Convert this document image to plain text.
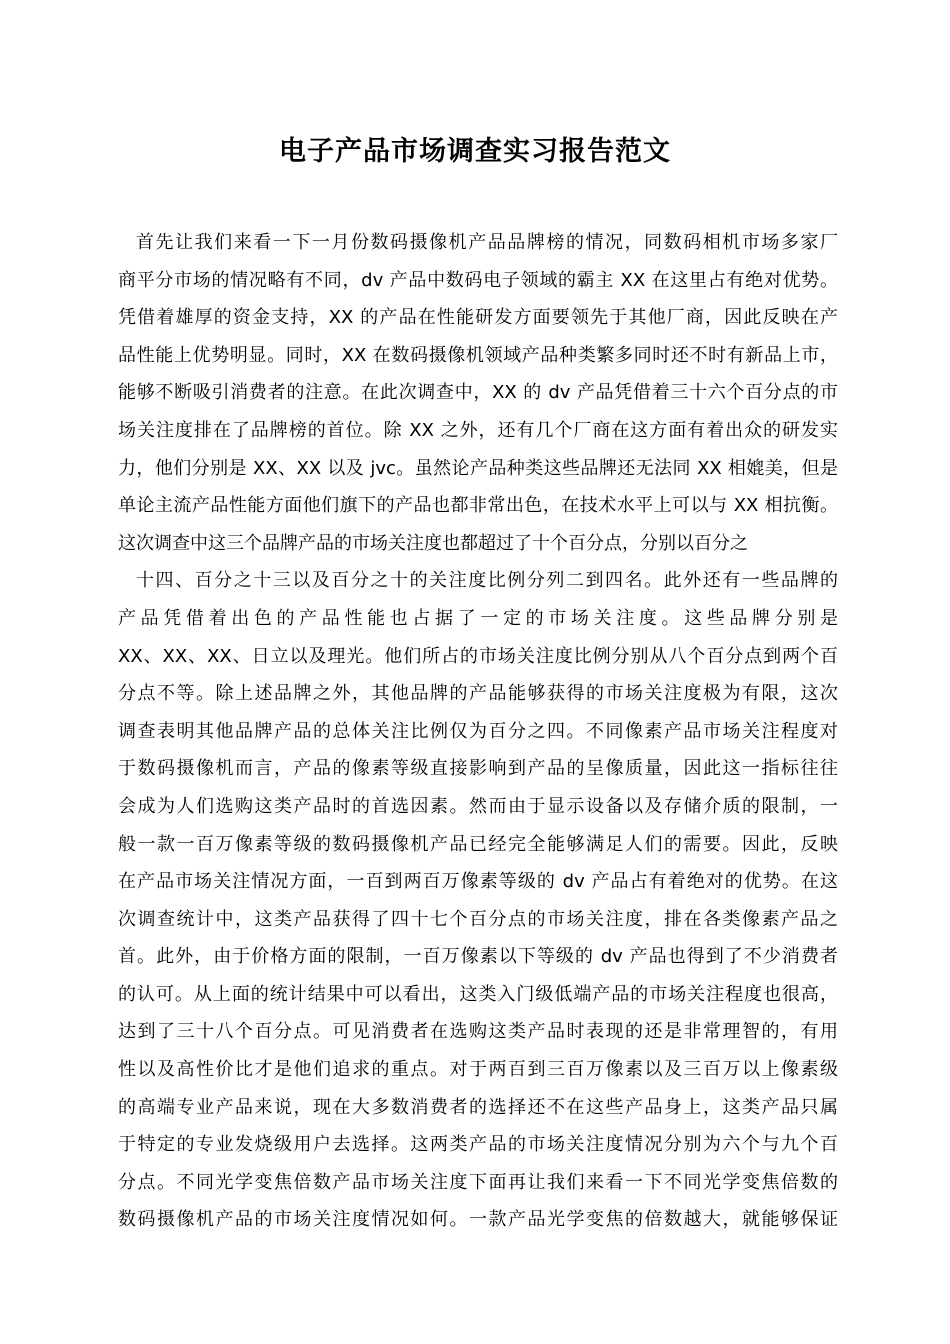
电子产品市场调查实习报告范文
首先让我们来看一下一月份数码摄像机产品品牌榜的情况，同数码相机市场多家厂
商平分市场的情况略有不同，dv 产品中数码电子领域的霸主 XX 在这里占有绝对优势。
凭借着雄厚的资金支持，XX 的产品在性能研发方面要领先于其他厂商，因此反映在产
品性能上优势明显。同时，XX 在数码摄像机领域产品种类繁多同时还不时有新品上市，
能够不断吸引消费者的注意。在此次调查中，XX 的 dv 产品凭借着三十六个百分点的市
场关注度排在了品牌榜的首位。除 XX 之外，还有几个厂商在这方面有着出众的研发实
力，他们分别是 XX、XX 以及 jvc。虽然论产品种类这些品牌还无法同 XX 相媲美，但是
单论主流产品性能方面他们旗下的产品也都非常出色，在技术水平上可以与 XX 相抗衡。
这次调查中这三个品牌产品的市场关注度也都超过了十个百分点，分别以百分之
十四、百分之十三以及百分之十的关注度比例分列二到四名。此外还有一些品牌的
产品凭借着出色的产品性能也占据了一定的市场关注度。这些品牌分别是
XX、XX、XX、日立以及理光。他们所占的市场关注度比例分别从八个百分点到两个百
分点不等。除上述品牌之外，其他品牌的产品能够获得的市场关注度极为有限，这次
调查表明其他品牌产品的总体关注比例仅为百分之四。不同像素产品市场关注程度对
于数码摄像机而言，产品的像素等级直接影响到产品的呈像质量，因此这一指标往往
会成为人们选购这类产品时的首选因素。然而由于显示设备以及存储介质的限制，一
般一款一百万像素等级的数码摄像机产品已经完全能够满足人们的需要。因此，反映
在产品市场关注情况方面，一百到两百万像素等级的 dv 产品占有着绝对的优势。在这
次调查统计中，这类产品获得了四十七个百分点的市场关注度，排在各类像素产品之
首。此外，由于价格方面的限制，一百万像素以下等级的 dv 产品也得到了不少消费者
的认可。从上面的统计结果中可以看出，这类入门级低端产品的市场关注程度也很高，
达到了三十八个百分点。可见消费者在选购这类产品时表现的还是非常理智的，有用
性以及高性价比才是他们追求的重点。对于两百到三百万像素以及三百万以上像素级
的高端专业产品来说，现在大多数消费者的选择还不在这些产品身上，这类产品只属
于特定的专业发烧级用户去选择。这两类产品的市场关注度情况分别为六个与九个百
分点。不同光学变焦倍数产品市场关注度下面再让我们来看一下不同光学变焦倍数的
数码摄像机产品的市场关注度情况如何。一款产品光学变焦的倍数越大，就能够保证
